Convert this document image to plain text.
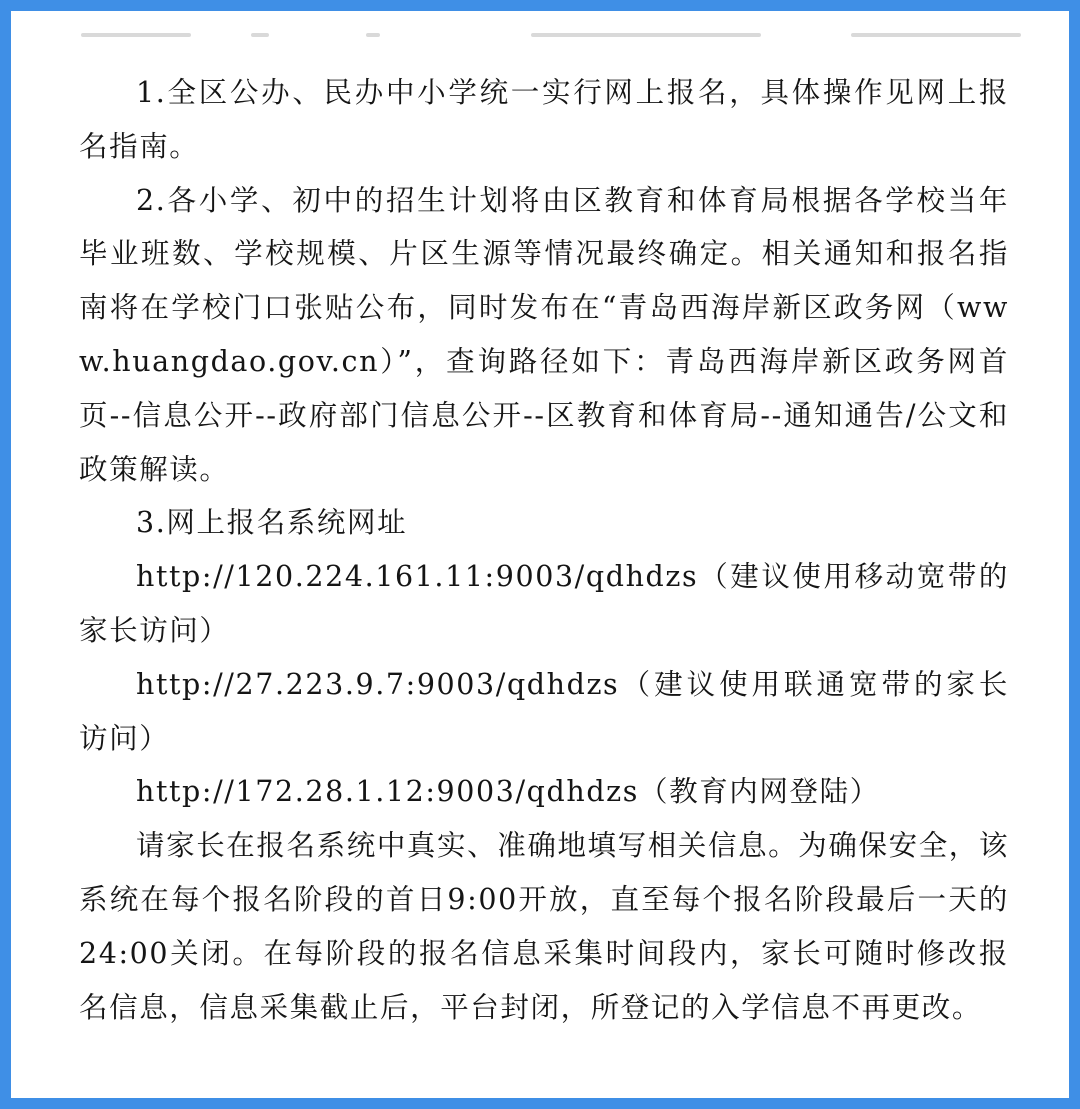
1.全区公办、民办中小学统一实行网上报名，具体操作见网上报名指南。

2.各小学、初中的招生计划将由区教育和体育局根据各学校当年毕业班数、学校规模、片区生源等情况最终确定。相关通知和报名指南将在学校门口张贴公布，同时发布在“青岛西海岸新区政务网（www.huangdao.gov.cn）”，查询路径如下：青岛西海岸新区政务网首页--信息公开--政府部门信息公开--区教育和体育局--通知通告/公文和政策解读。

3.网上报名系统网址

http://120.224.161.11:9003/qdhdzs（建议使用移动宽带的家长访问）

http://27.223.9.7:9003/qdhdzs（建议使用联通宽带的家长访问）

http://172.28.1.12:9003/qdhdzs（教育内网登陆）

请家长在报名系统中真实、准确地填写相关信息。为确保安全，该系统在每个报名阶段的首日9:00开放，直至每个报名阶段最后一天的24:00关闭。在每阶段的报名信息采集时间段内，家长可随时修改报名信息，信息采集截止后，平台封闭，所登记的入学信息不再更改。
